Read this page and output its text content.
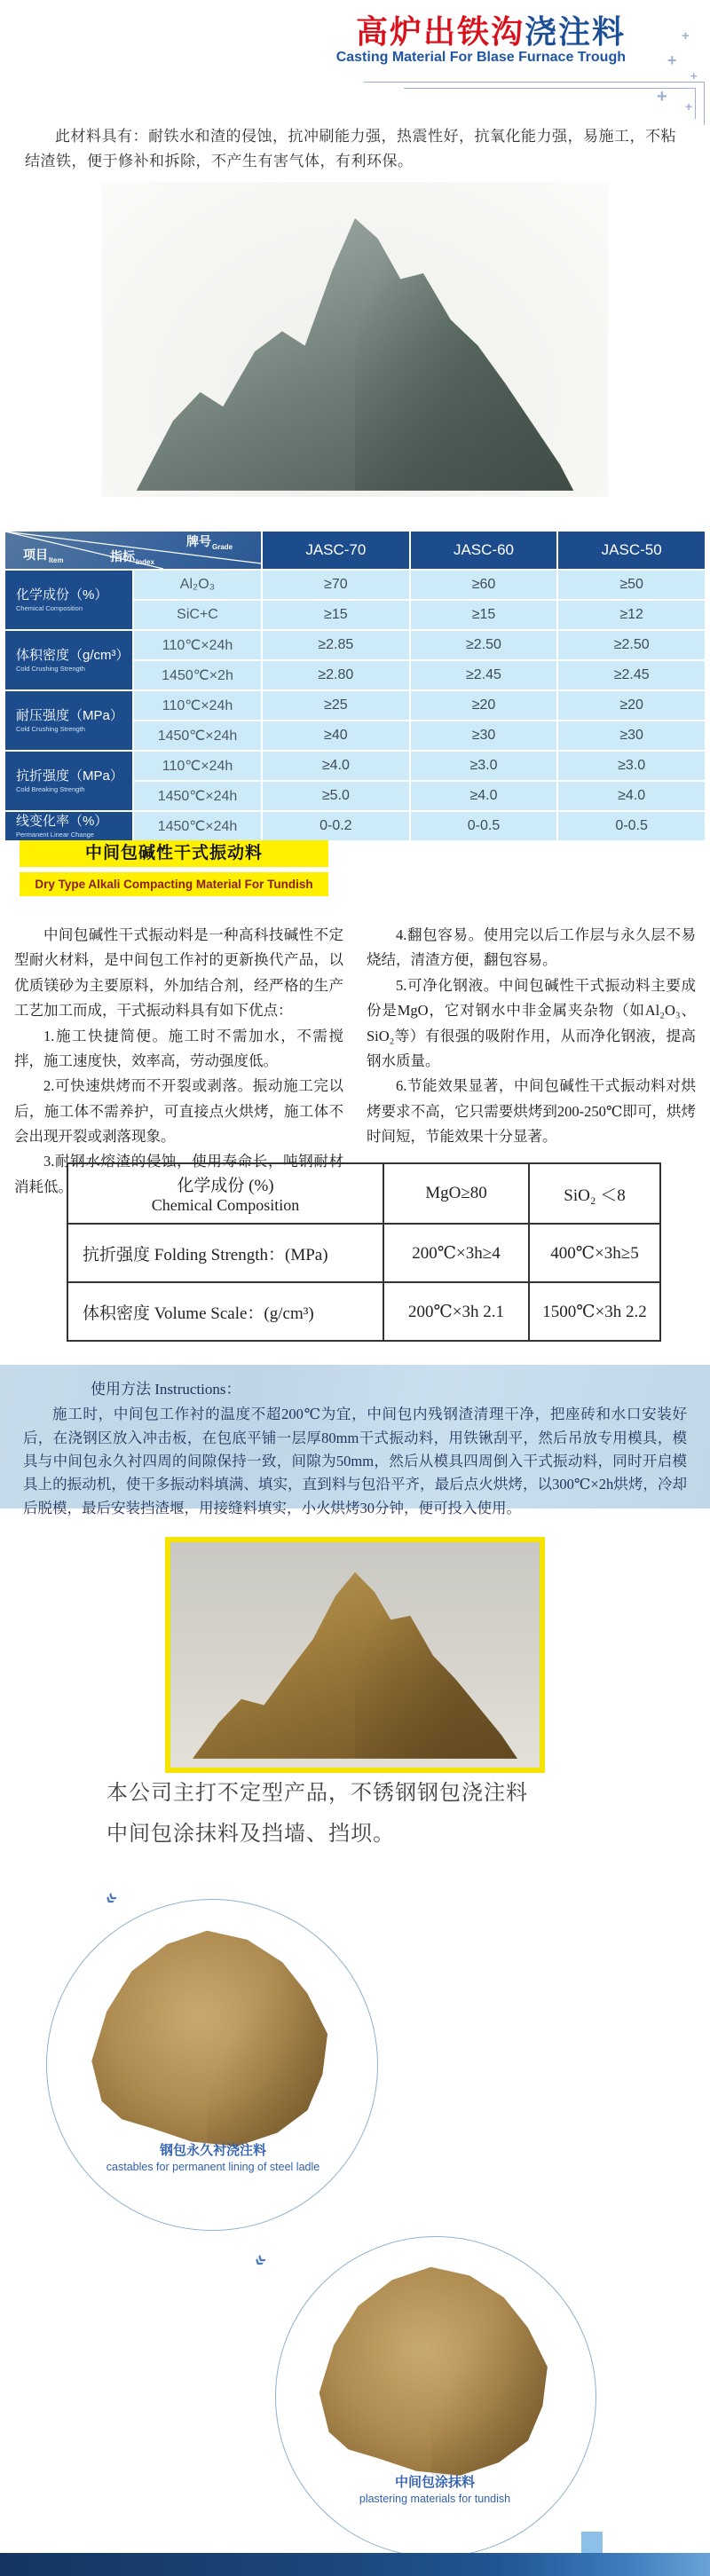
高炉出铁沟浇注料
Casting Material For Blase Furnace Trough
+
+
+
+ +
此材料具有：耐铁水和渣的侵蚀，抗冲刷能力强，热震性好，抗氧化能力强，易施工，不粘结渣铁，便于修补和拆除，不产生有害气体，有利环保。
项目$_{Item}$ 指标$_{Index}$
牌号$_{Grade}$		JASC-70	JASC-60	JASC-50

化学成份（%）
Chemical Composition	Al₂O₃	≥70	≥60	≥50
	SiC+C	≥15	≥15	≥12

体积密度（g/cm³）
Cold Crushing Strength	110℃×24h	≥2.85	≥2.50	≥2.50
	1450℃×2h	≥2.80	≥2.45	≥2.45

耐压强度（MPa）
Cold Crushing Strength	110℃×24h	≥25	≥20	≥20
	1450℃×24h	≥40	≥30	≥30

抗折强度（MPa）
Cold Breaking Strength	110℃×24h	≥4.0	≥3.0	≥3.0
	1450℃×24h	≥5.0	≥4.0	≥4.0

线变化率（%）
Permanent Linear Change	1450℃×24h	0-0.2	0-0.5	0-0.5
中间包碱性干式振动料
Dry Type Alkali Compacting Material For Tundish

中间包碱性干式振动料是一种高科技碱性不定型耐火材料，是中间包工作衬的更新换代产品，以优质镁砂为主要原料，外加结合剂，经严格的生产工艺加工而成，干式振动料具有如下优点：

1.施工快捷简便。施工时不需加水，不需搅拌，施工速度快，效率高，劳动强度低。

2.可快速烘烤而不开裂或剥落。振动施工完以后，施工体不需养护，可直接点火烘烤，施工体不会出现开裂或剥落现象。

3.耐钢水熔渣的侵蚀，使用寿命长，吨钢耐材消耗低。

4.翻包容易。使用完以后工作层与永久层不易烧结，清渣方便，翻包容易。

5.可净化钢液。中间包碱性干式振动料主要成份是MgO，它对钢水中非金属夹杂物（如Al₂O₃、SiO₂等）有很强的吸附作用，从而净化钢液，提高钢水质量。

6.节能效果显著，中间包碱性干式振动料对烘烤要求不高，它只需要烘烤到200-250℃即可，烘烤时间短，节能效果十分显著。

化学成份 (%)
Chemical Composition	MgO≥80	SiO₂ ＜8
抗折强度 Folding Strength：(MPa)	200℃×3h≥4	400℃×3h≥5
体积密度 Volume Scale：(g/cm³)	200℃×3h 2.1	1500℃×3h 2.2

使用方法 Instructions：

施工时，中间包工作衬的温度不超200℃为宜，中间包内残钢渣清理干净，把座砖和水口安装好后，在浇钢区放入冲击板，在包底平铺一层厚80mm干式振动料，用铁锹刮平，然后吊放专用模具，模具与中间包永久衬四周的间隙保持一致，间隙为50mm，然后从模具四周倒入干式振动料，同时开启模具上的振动机，使干多振动料填满、填实，直到料与包沿平齐，最后点火烘烤，以300℃×2h烘烤，冷却后脱模，最后安装挡渣堰，用接缝料填实，小火烘烤30分钟，便可投入使用。

本公司主打不定型产品，不锈钢钢包浇注料
中间包涂抹料及挡墙、挡坝。
«
钢包永久衬浇注料
castables for permanent lining of steel ladle
«
中间包涂抹料
plastering materials for tundish
